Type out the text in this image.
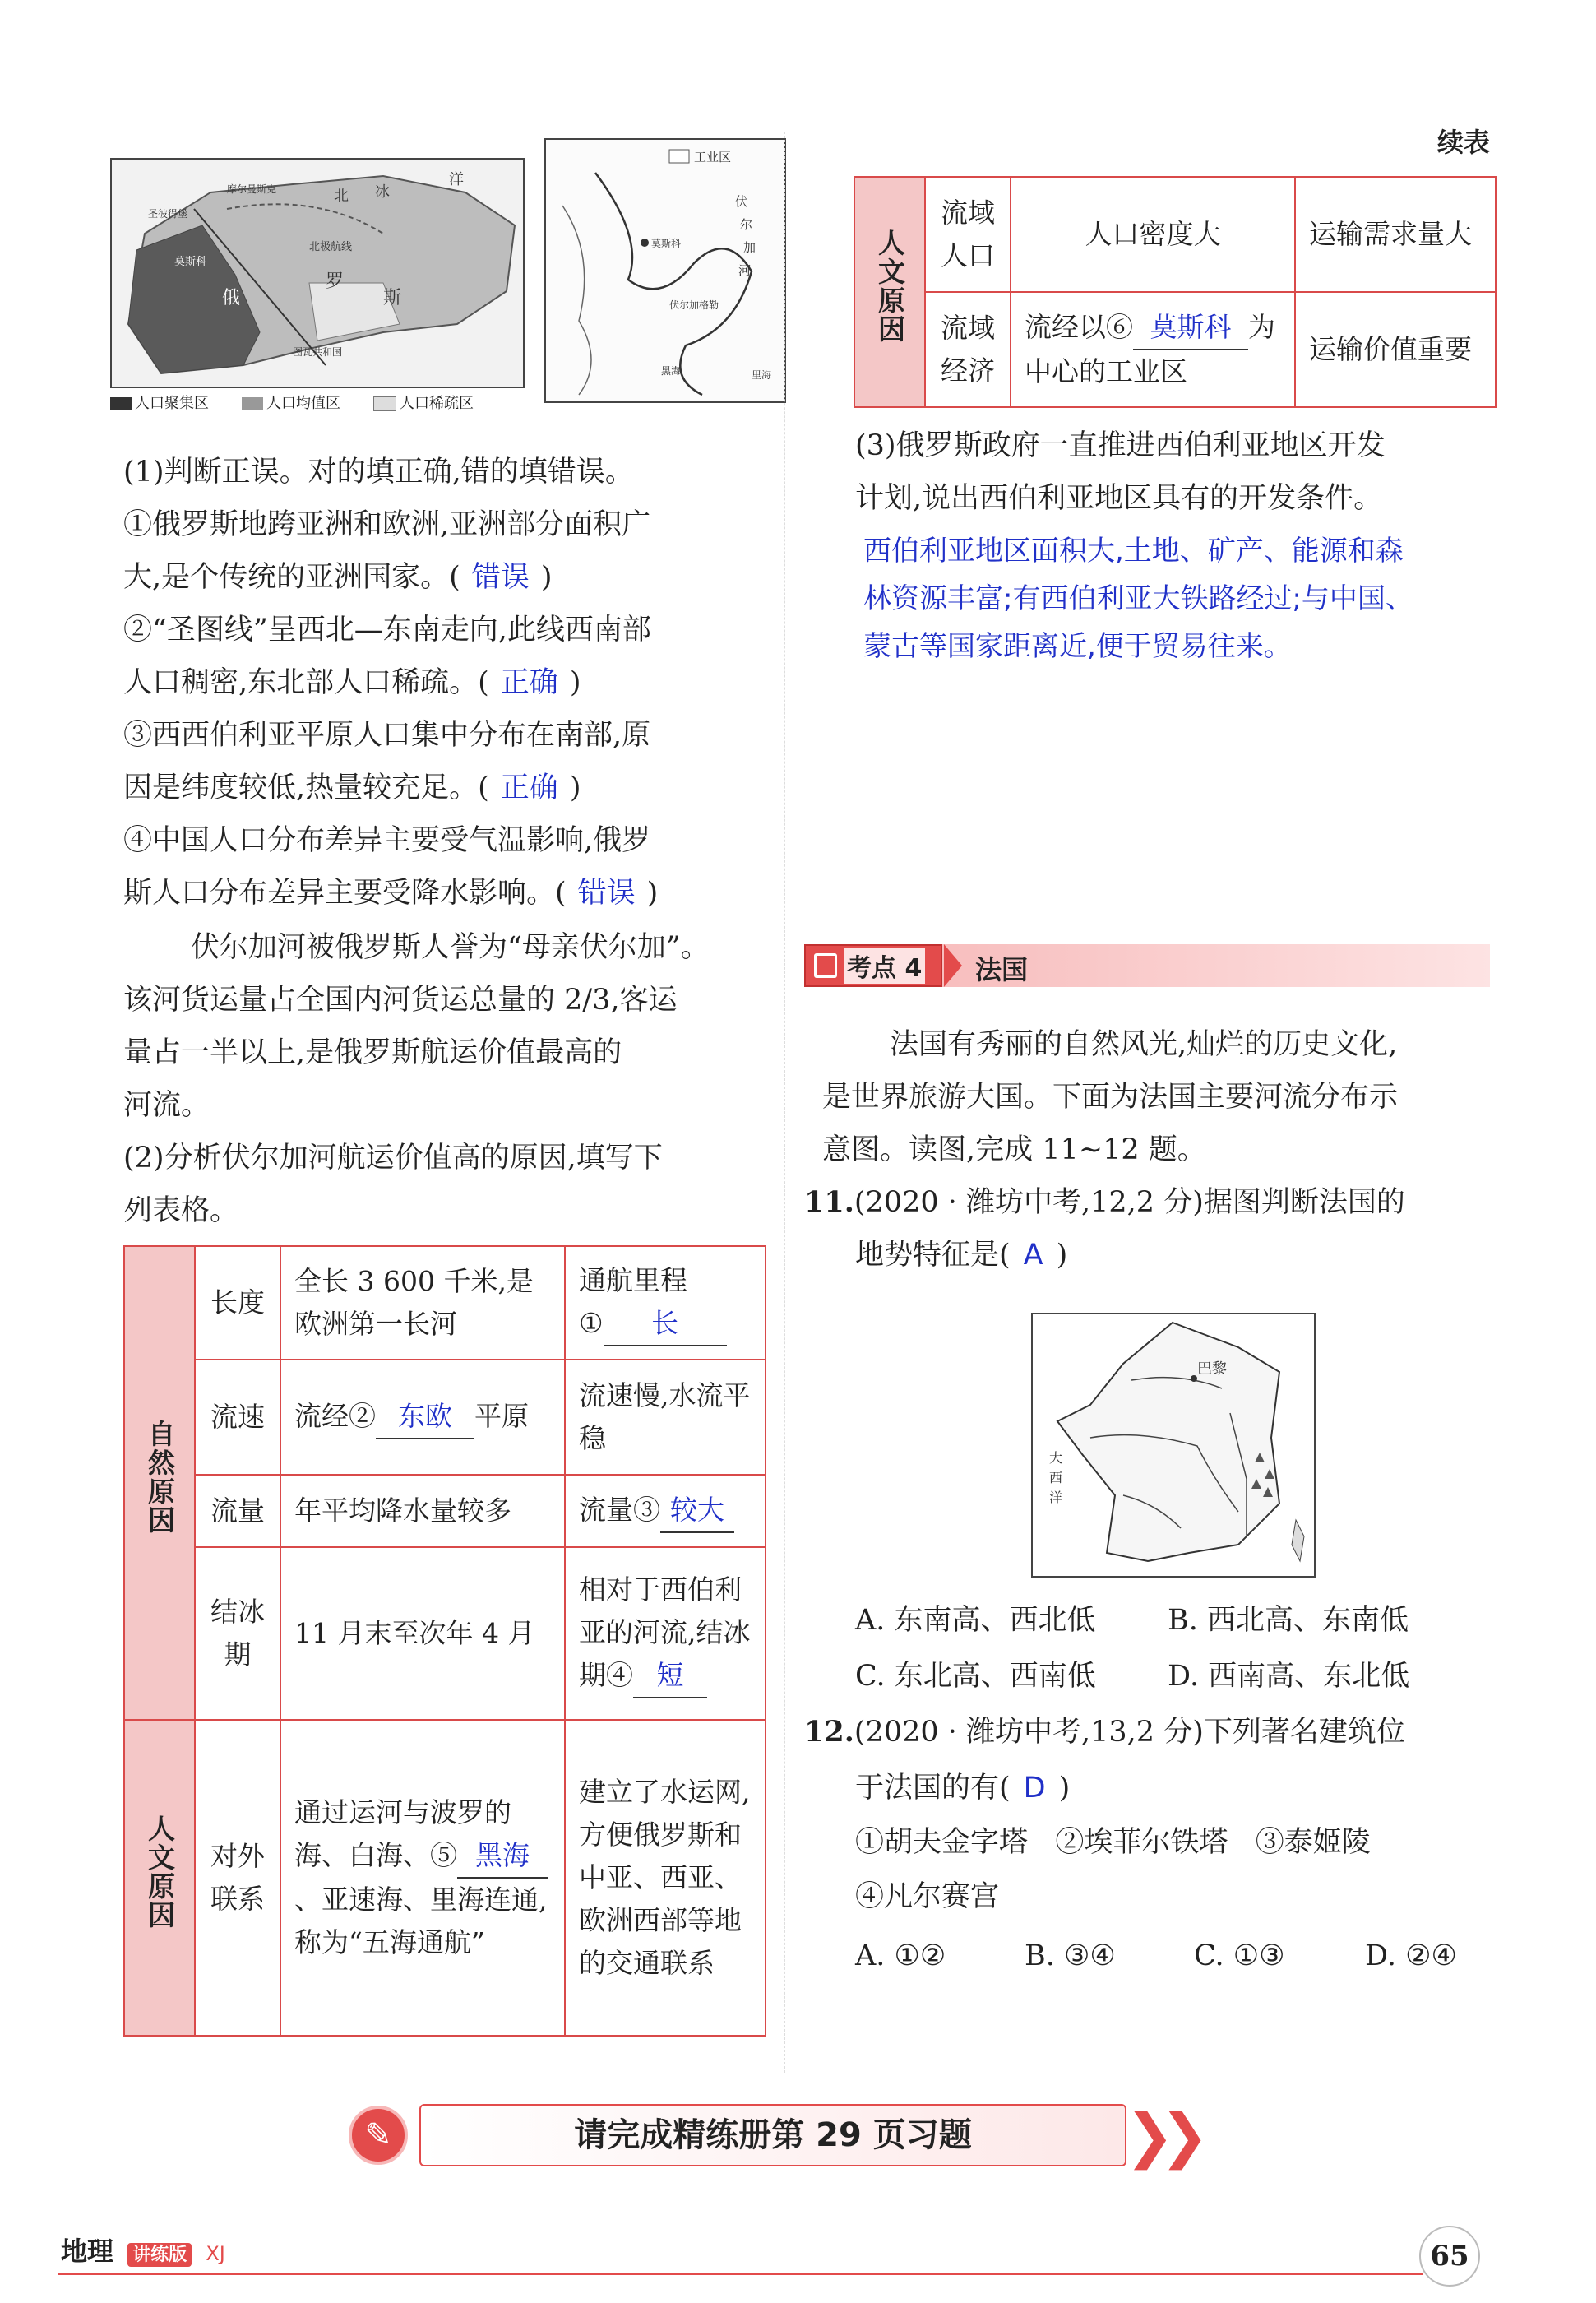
续表
北 冰
洋
摩尔曼斯克
圣彼得堡
莫斯科
俄
罗
斯
北极航线
图瓦共和国
人口聚集区	人口均值区	人口稀疏区
工业区
伏
尔
加
河
莫斯科
伏尔加格勒
黑海	里海
(1)判断正误。对的填正确,错的填错误。
①俄罗斯地跨亚洲和欧洲,亚洲部分面积广
大,是个传统的亚洲国家。( 错误 )
②“圣图线”呈西北—东南走向,此线西南部
人口稠密,东北部人口稀疏。( 正确 )
③西西伯利亚平原人口集中分布在南部,原
因是纬度较低,热量较充足。( 正确 )
④中国人口分布差异主要受气温影响,俄罗
斯人口分布差异主要受降水影响。( 错误 )
伏尔加河被俄罗斯人誉为“母亲伏尔加”。
该河货运量占全国内河货运总量的 2/3,客运
量占一半以上,是俄罗斯航运价值最高的
河流。
(2)分析伏尔加河航运价值高的原因,填写下
列表格。
自然原因	长度	全长 3 600 千米,是欧洲第一长河	通航里程
① 长

	流速	流经② 东欧 平原	流速慢,水流平稳
	流量	年平均降水量较多	流量③ 较大
	结冰期	11 月末至次年 4 月	相对于西伯利亚的河流,结冰期④ 短
人文原因	对外联系	通过运河与波罗的海、白海、⑤ 黑海、亚速海、里海连通,称为“五海通航”	建立了水运网,方便俄罗斯和中亚、西亚、欧洲西部等地的交通联系
人文原因	流域人口	人口密度大	运输需求量大
	流域经济	流经以⑥ 莫斯科 为中心的工业区	运输价值重要
(3)俄罗斯政府一直推进西伯利亚地区开发
计划,说出西伯利亚地区具有的开发条件。
西伯利亚地区面积大,土地、矿产、能源和森
林资源丰富;有西伯利亚大铁路经过;与中国、
蒙古等国家距离近,便于贸易往来。
考点 4 法国
法国有秀丽的自然风光,灿烂的历史文化,
是世界旅游大国。下面为法国主要河流分布示
意图。读图,完成 11~12 题。
11.(2020 · 潍坊中考,12,2 分)据图判断法国的
地势特征是( A )
巴黎
大
西
洋
A. 东南高、西北低 B. 西北高、东南低
C. 东北高、西南低 D. 西南高、东北低
12.(2020 · 潍坊中考,13,2 分)下列著名建筑位
于法国的有( D )
①胡夫金字塔   ②埃菲尔铁塔   ③泰姬陵
④凡尔赛宫
A. ①②	B. ③④	C. ①③	D. ②④
✎	请完成精练册第 29 页习题	❯❯
地理 讲练版 XJ	65
